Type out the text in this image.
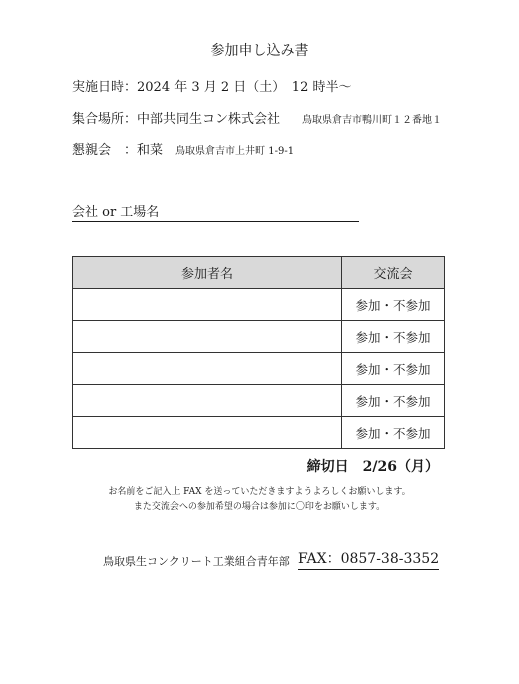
参加申し込み書
実施日時：2024 年 3 月 2 日（土）　12 時半～
集合場所：中部共同生コン株式会社 鳥取県倉吉市鴨川町１２番地１
懇親会　：和菜 鳥取県倉吉市上井町 1-9-1
会社 or 工場名
参加者名	交流会
	参加・不参加
	参加・不参加
	参加・不参加
	参加・不参加
	参加・不参加
締切日　2/26（月）
お名前をご記入上 FAX を送っていただきますようよろしくお願いします。
また交流会への参加希望の場合は参加に〇印をお願いします。
鳥取県生コンクリート工業組合青年部 FAX：0857-38-3352
